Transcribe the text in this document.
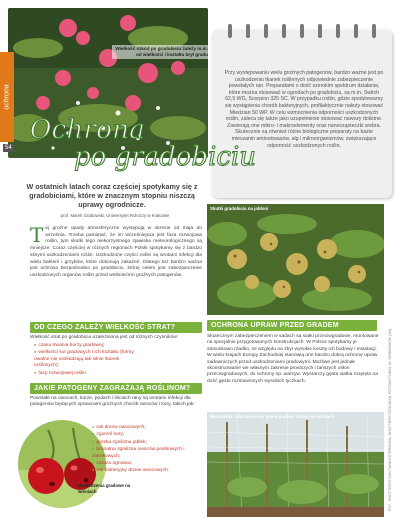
ochrona
54
Wielkość szkód po gradobiciu zależy m.in. od wielkości i kształtu brył gradu
Przy występowaniu wielu groźnych patogenów, bardzo ważne jest po uszkodzeniu tkanek roślinnych odpowiednie zabezpieczenie powstałych ran. Preparatami o dość szerokim spektrum działania, które można stosować w ogrodach po gradobiciu, są m.in. Switch 62,5 WG, Scorpion 325 SC. W przypadku roślin, gdzie spodziewamy się wystąpienia chorób bakteryjnych, profilaktycznie należy stosować Miedzian 50 WP. W celu wzmocnienia odporności uszkodzonych roślin, zaleca się także jako uzupełnienie stosować nawozy dolistne. Zawierają one mikro- i makroelementy oraz nanocząsteczki srebra. Skutecznie są również różne biologiczne preparaty na bazie mieszanin aminokwasów, alg i mikroorganizmów, zwiększające odporność uszkodzonych roślin.
Ochrona
po gradobiciu
W ostatnich latach coraz częściej spotykamy się z gradobiciami, które w znacznym stopniu niszczą uprawy ogrodnicze.
prof. Marek Grabowski, Uniwersytet Rolniczy w Krakowie
Tej groźne opady atmosferyczne występują w okresie od maja do września. Trzeba pamiętać, że im wcześniejsza jest faza rozwojowa roślin, tym skutki tego niekorzystnego zjawiska meteorologicznego są mniejsze. Coraz częściej w różnych regionach Polski spotykamy się z bardzo silnymi uszkodzeniami roślin. Uszkodzone części roślin są wrotami infekcji dla wielu bakterii i grzybów, które dokonują zakażeń. Dlatego też bardzo ważna jest ochrona bezpośrednio po gradobiciu, której celem jest zabezpieczenie uszkodzonych organów roślin przed wnikniećem groźnych patogenów.
OD CZEGO ZALEŻY WIELKOŚĆ STRAT?
Wielkość strat po gradobiciu uzależniona jest od różnych czynników:
● czasu trwania burzy gradowej;
● wielkości kul gradowych i ich kształtu (formy owalne nie uszkadzają tak silnie tkanek roślinnych);
● fazy rozwojowej roślin.
JAKIE PATOGENY ZAGRAŻAJĄ ROŚLINOM?
Powstałe na owocach, korze, pędach i liściach rany są wrotami infekcji dla patogenów będących sprawcami groźnych chorób owoców i kory, takich jak:
● rak drzew owocowych;
● zgorzel kory;
● gorzka zgnilizna jabłek;
● brunatna zgnilizna owoców pestkowych i ziarnkowych;
● zaraza ogniowa;
● rak bakteryjny drzew owocowych.
Uszkodzenia gradowe na wiśniach
Skutki gradobicia na jabłoni
OCHRONA UPRAW PRZED GRADEM
Skutecznym zabezpieczeniem w sadach są siatki przeciwgradowe, montowane na specjalnie przygotowanych konstrukcjach. W Polsce spotykamy je stosunkowo rzadko, ze względu na zbyt wysokie koszty ich budowy i instalacji. W wielu krajach Europy Zachodniej stanowią one bardzo dobrą ochronę upraw sadowniczych przed uszkodzeniami gradowymi. Możliwe jest jednak skonstruowanie we własnym zakresie prostszych i tańszych osłon przeciwgradowych, do ochrony np. warzyw. Wystarczy gęsta siatka rozpięta na dość gęsto rozstawionych wysokich tyczkach.
Warzywnik zabezpieczony przed gradem siatką na tyczkach	FOT.: SHUTTERSTOCK/TANA ESTERKOVA, SHUTTERSTOCK/AISA, FOTOMSTUDIO, M. GRABOWSKI (3X)
